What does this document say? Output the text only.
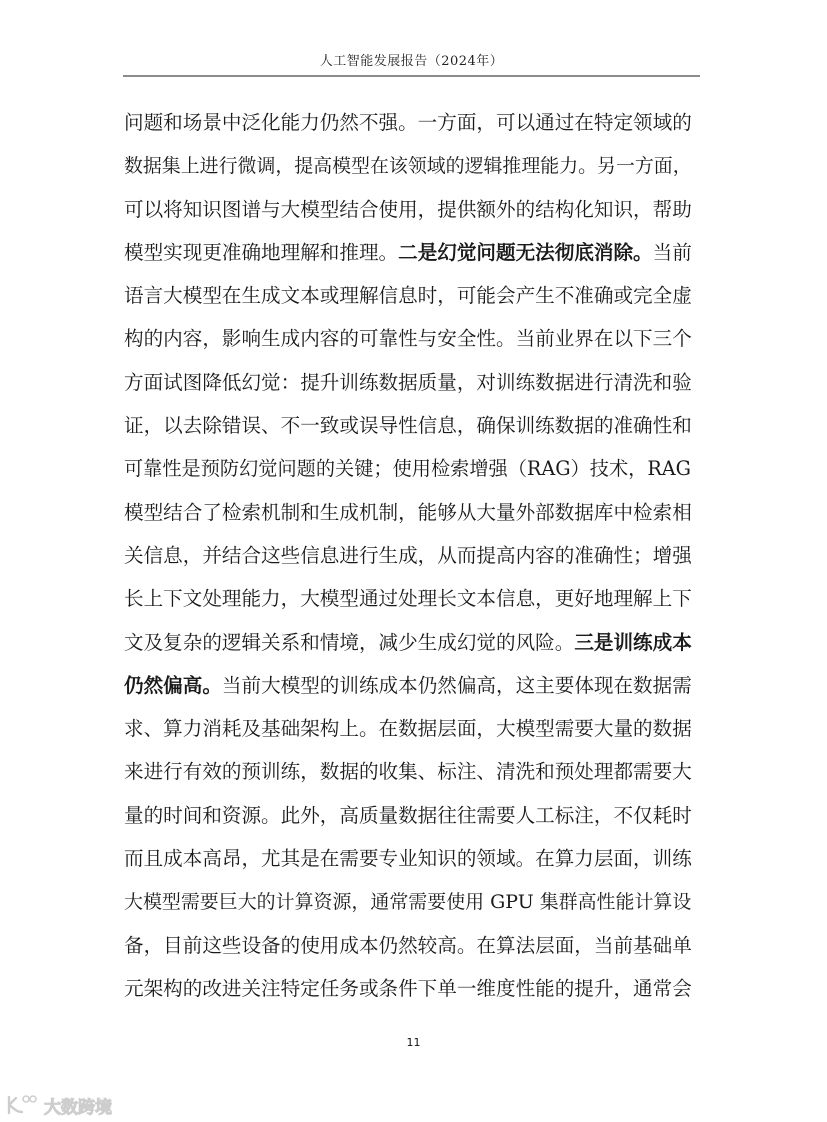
人工智能发展报告（2024年）
问题和场景中泛化能力仍然不强。一方面，可以通过在特定领域的
数据集上进行微调，提高模型在该领域的逻辑推理能力。另一方面，
可以将知识图谱与大模型结合使用，提供额外的结构化知识，帮助
模型实现更准确地理解和推理。二是幻觉问题无法彻底消除。当前
语言大模型在生成文本或理解信息时，可能会产生不准确或完全虚
构的内容，影响生成内容的可靠性与安全性。当前业界在以下三个
方面试图降低幻觉：提升训练数据质量，对训练数据进行清洗和验
证，以去除错误、不一致或误导性信息，确保训练数据的准确性和
可靠性是预防幻觉问题的关键；使用检索增强（RAG）技术，RAG
模型结合了检索机制和生成机制，能够从大量外部数据库中检索相
关信息，并结合这些信息进行生成，从而提高内容的准确性；增强
长上下文处理能力，大模型通过处理长文本信息，更好地理解上下
文及复杂的逻辑关系和情境，减少生成幻觉的风险。三是训练成本
仍然偏高。当前大模型的训练成本仍然偏高，这主要体现在数据需
求、算力消耗及基础架构上。在数据层面，大模型需要大量的数据
来进行有效的预训练，数据的收集、标注、清洗和预处理都需要大
量的时间和资源。此外，高质量数据往往需要人工标注，不仅耗时
而且成本高昂，尤其是在需要专业知识的领域。在算力层面，训练
大模型需要巨大的计算资源，通常需要使用 GPU 集群高性能计算设
备，目前这些设备的使用成本仍然较高。在算法层面，当前基础单
元架构的改进关注特定任务或条件下单一维度性能的提升，通常会
11
大数跨境
